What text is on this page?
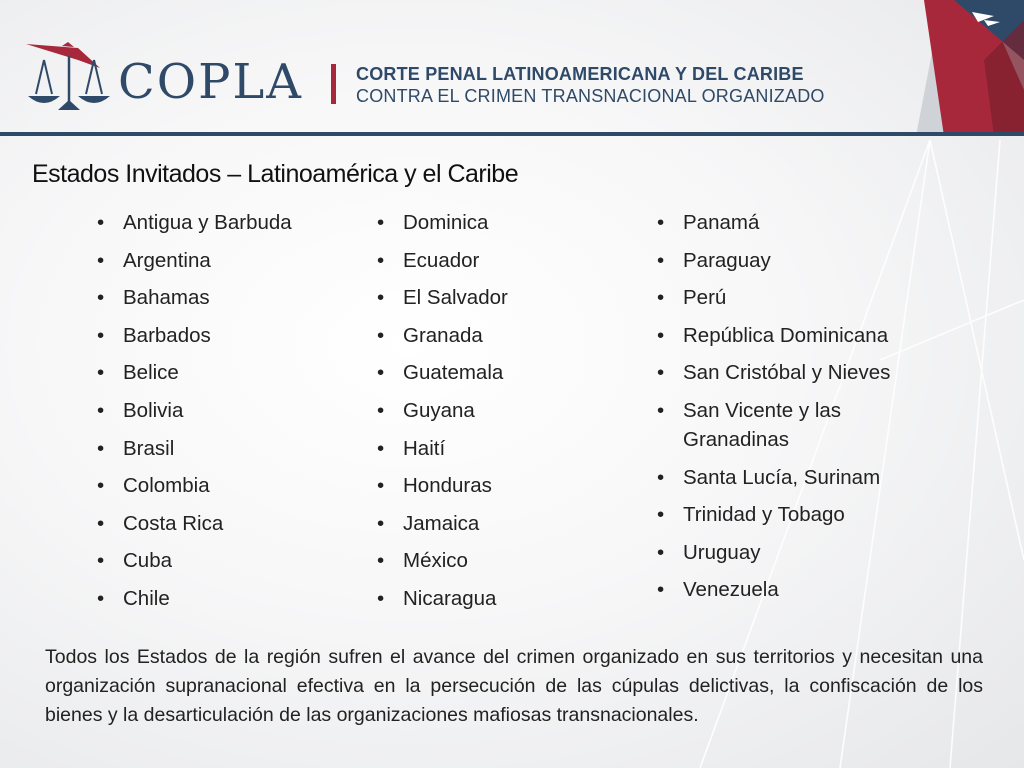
COPLA	CORTE PENAL LATINOAMERICANA Y DEL CARIBE
CONTRA EL CRIMEN TRANSNACIONAL ORGANIZADO
Estados Invitados – Latinoamérica y el Caribe
• Antigua y Barbuda
• Argentina
• Bahamas
• Barbados
• Belice
• Bolivia
• Brasil
• Colombia
• Costa Rica
• Cuba
• Chile
• Dominica
• Ecuador
• El Salvador
• Granada
• Guatemala
• Guyana
• Haití
• Honduras
• Jamaica
• México
• Nicaragua
• Panamá
• Paraguay
• Perú
• República Dominicana
• San Cristóbal y Nieves
• San Vicente y las Granadinas
• Santa Lucía, Surinam
• Trinidad y Tobago
• Uruguay
• Venezuela
Todos los Estados de la región sufren el avance del crimen organizado en sus territorios y necesitan una organización supranacional efectiva en la persecución de las cúpulas delictivas, la confiscación de los bienes y la desarticulación de las organizaciones mafiosas transnacionales.
